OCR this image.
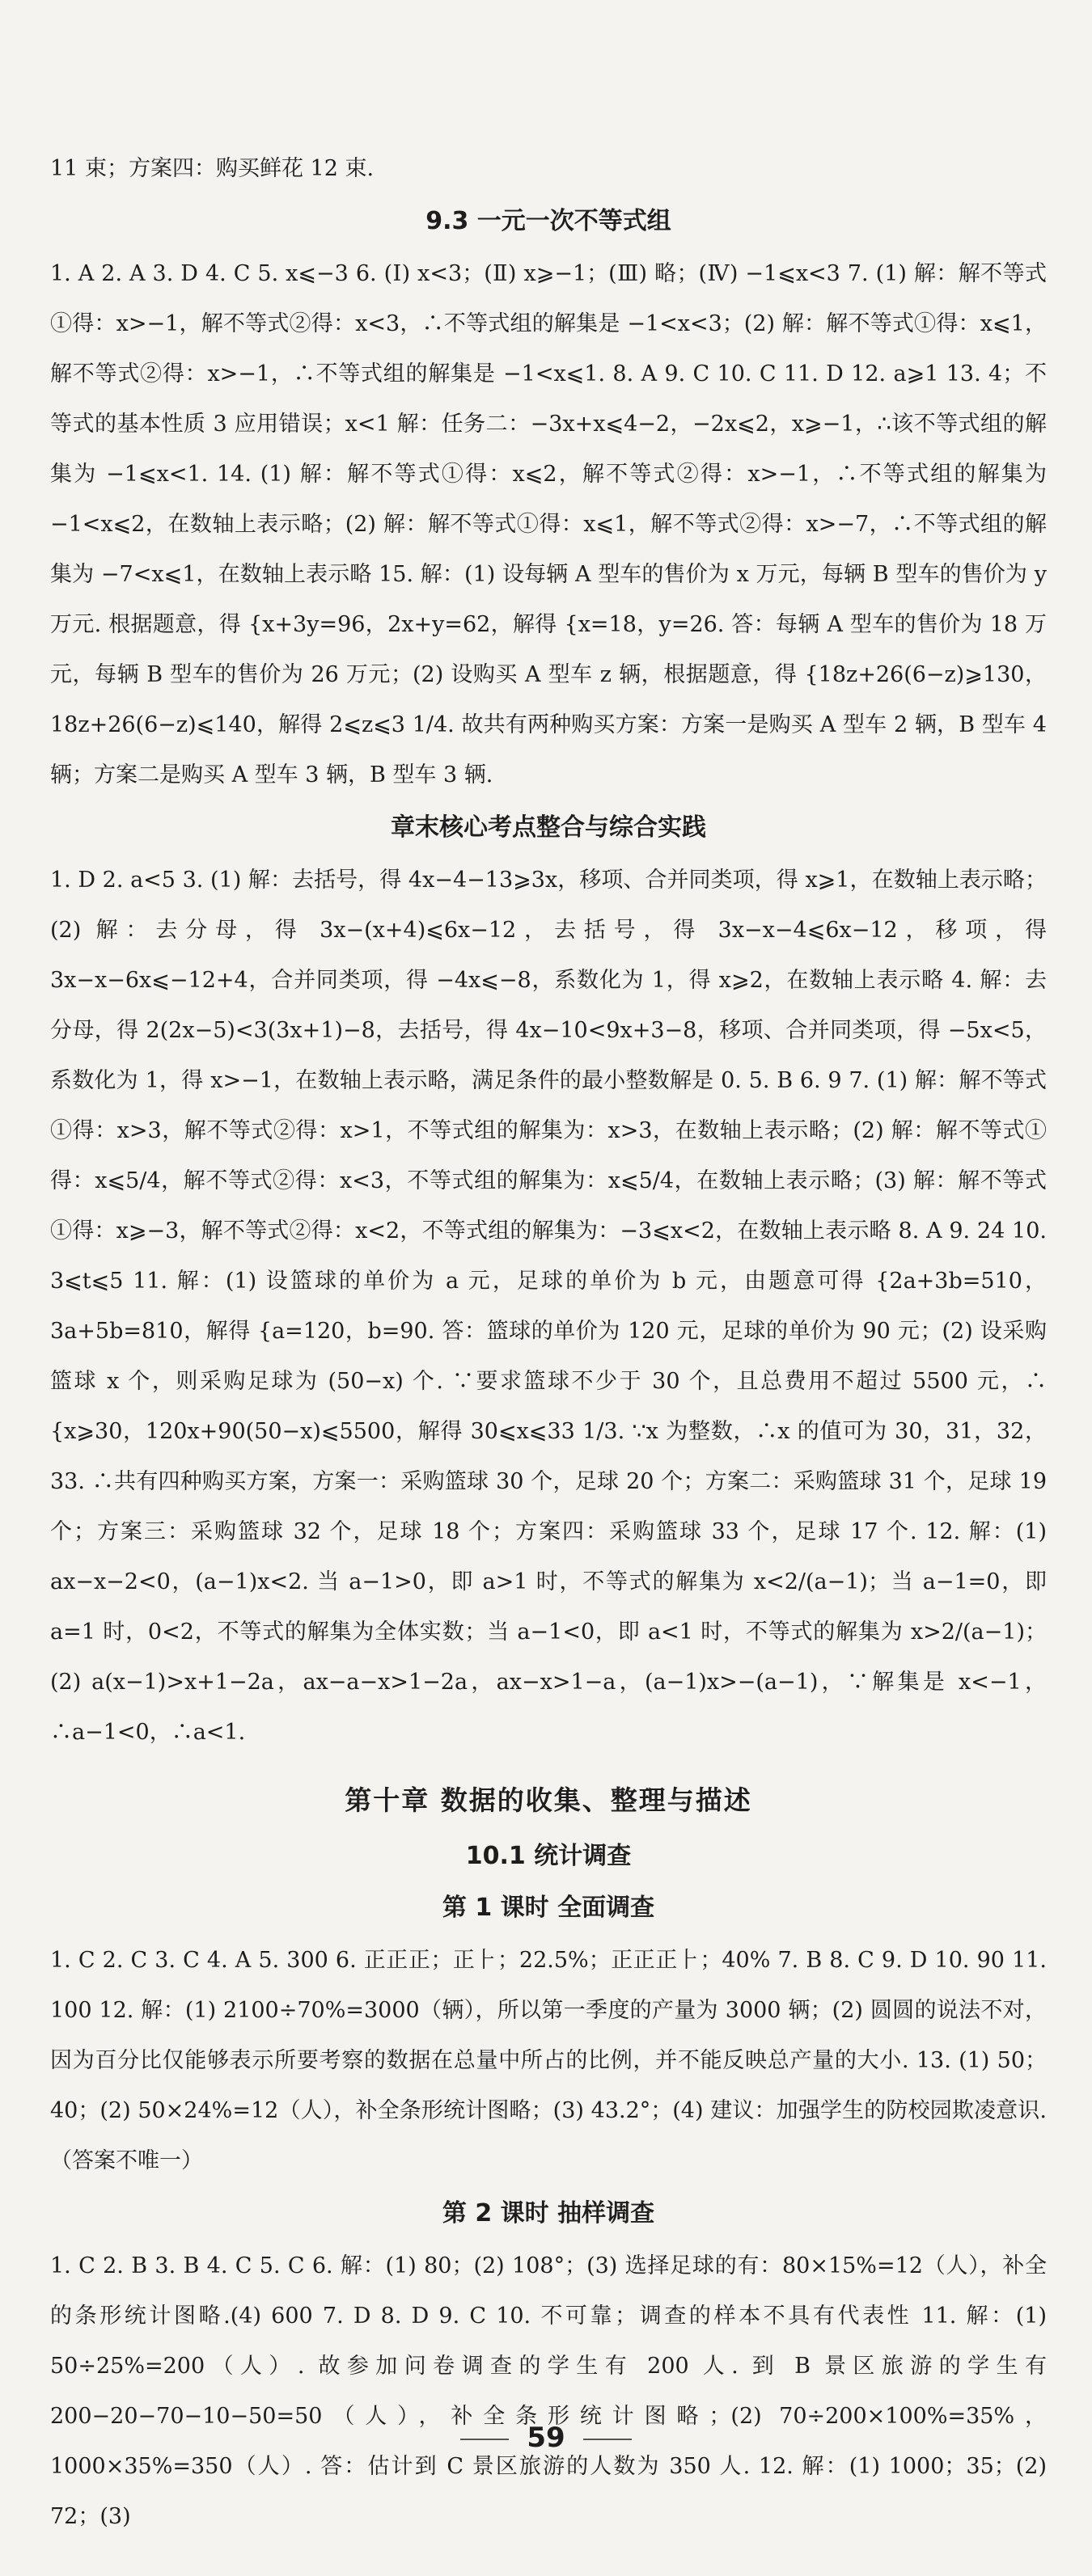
11 束；方案四：购买鲜花 12 束.

9.3 一元一次不等式组

1. A 2. A 3. D 4. C 5. x⩽−3 6. (Ⅰ) x<3；(Ⅱ) x⩾−1；(Ⅲ) 略；(Ⅳ) −1⩽x<3 7. (1) 解：解不等式①得：x>−1，解不等式②得：x<3，∴不等式组的解集是 −1<x<3；(2) 解：解不等式①得：x⩽1，解不等式②得：x>−1，∴不等式组的解集是 −1<x⩽1. 8. A 9. C 10. C 11. D 12. a⩾1 13. 4；不等式的基本性质 3 应用错误；x<1 解：任务二：−3x+x⩽4−2，−2x⩽2，x⩾−1，∴该不等式组的解集为 −1⩽x<1. 14. (1) 解：解不等式①得：x⩽2，解不等式②得：x>−1，∴不等式组的解集为 −1<x⩽2，在数轴上表示略；(2) 解：解不等式①得：x⩽1，解不等式②得：x>−7，∴不等式组的解集为 −7<x⩽1，在数轴上表示略 15. 解：(1) 设每辆 A 型车的售价为 x 万元，每辆 B 型车的售价为 y 万元. 根据题意，得 {x+3y=96，2x+y=62，解得 {x=18，y=26. 答：每辆 A 型车的售价为 18 万元，每辆 B 型车的售价为 26 万元；(2) 设购买 A 型车 z 辆，根据题意，得 {18z+26(6−z)⩾130，18z+26(6−z)⩽140，解得 2⩽z⩽3 1/4. 故共有两种购买方案：方案一是购买 A 型车 2 辆，B 型车 4 辆；方案二是购买 A 型车 3 辆，B 型车 3 辆.

章末核心考点整合与综合实践

1. D 2. a<5 3. (1) 解：去括号，得 4x−4−13⩾3x，移项、合并同类项，得 x⩾1，在数轴上表示略；(2) 解：去分母，得 3x−(x+4)⩽6x−12，去括号，得 3x−x−4⩽6x−12，移项，得 3x−x−6x⩽−12+4，合并同类项，得 −4x⩽−8，系数化为 1，得 x⩾2，在数轴上表示略 4. 解：去分母，得 2(2x−5)<3(3x+1)−8，去括号，得 4x−10<9x+3−8，移项、合并同类项，得 −5x<5，系数化为 1，得 x>−1，在数轴上表示略，满足条件的最小整数解是 0. 5. B 6. 9 7. (1) 解：解不等式①得：x>3，解不等式②得：x>1，不等式组的解集为：x>3，在数轴上表示略；(2) 解：解不等式①得：x⩽5/4，解不等式②得：x<3，不等式组的解集为：x⩽5/4，在数轴上表示略；(3) 解：解不等式①得：x⩾−3，解不等式②得：x<2，不等式组的解集为：−3⩽x<2，在数轴上表示略 8. A 9. 24 10. 3⩽t⩽5 11. 解：(1) 设篮球的单价为 a 元，足球的单价为 b 元，由题意可得 {2a+3b=510，3a+5b=810，解得 {a=120，b=90. 答：篮球的单价为 120 元，足球的单价为 90 元；(2) 设采购篮球 x 个，则采购足球为 (50−x) 个. ∵要求篮球不少于 30 个，且总费用不超过 5500 元，∴ {x⩾30，120x+90(50−x)⩽5500，解得 30⩽x⩽33 1/3. ∵x 为整数，∴x 的值可为 30，31，32，33. ∴共有四种购买方案，方案一：采购篮球 30 个，足球 20 个；方案二：采购篮球 31 个，足球 19 个；方案三：采购篮球 32 个，足球 18 个；方案四：采购篮球 33 个，足球 17 个. 12. 解：(1) ax−x−2<0，(a−1)x<2. 当 a−1>0，即 a>1 时，不等式的解集为 x<2/(a−1)；当 a−1=0，即 a=1 时，0<2，不等式的解集为全体实数；当 a−1<0，即 a<1 时，不等式的解集为 x>2/(a−1)；(2) a(x−1)>x+1−2a，ax−a−x>1−2a，ax−x>1−a，(a−1)x>−(a−1)，∵解集是 x<−1，∴a−1<0，∴a<1.

第十章 数据的收集、整理与描述
10.1 统计调查
第 1 课时 全面调查

1. C 2. C 3. C 4. A 5. 300 6. 正正正；正⺊；22.5%；正正正⺊；40% 7. B 8. C 9. D 10. 90 11. 100 12. 解：(1) 2100÷70%=3000（辆），所以第一季度的产量为 3000 辆；(2) 圆圆的说法不对，因为百分比仅能够表示所要考察的数据在总量中所占的比例，并不能反映总产量的大小. 13. (1) 50；40；(2) 50×24%=12（人），补全条形统计图略；(3) 43.2°；(4) 建议：加强学生的防校园欺凌意识.（答案不唯一）

第 2 课时 抽样调查

1. C 2. B 3. B 4. C 5. C 6. 解：(1) 80；(2) 108°；(3) 选择足球的有：80×15%=12（人），补全的条形统计图略.(4) 600 7. D 8. D 9. C 10. 不可靠；调查的样本不具有代表性 11. 解：(1) 50÷25%=200（人）. 故参加问卷调查的学生有 200 人. 到 B 景区旅游的学生有 200−20−70−10−50=50（人），补全条形统计图略；(2) 70÷200×100%=35%，1000×35%=350（人）. 答：估计到 C 景区旅游的人数为 350 人. 12. 解：(1) 1000；35；(2) 72；(3)

59
